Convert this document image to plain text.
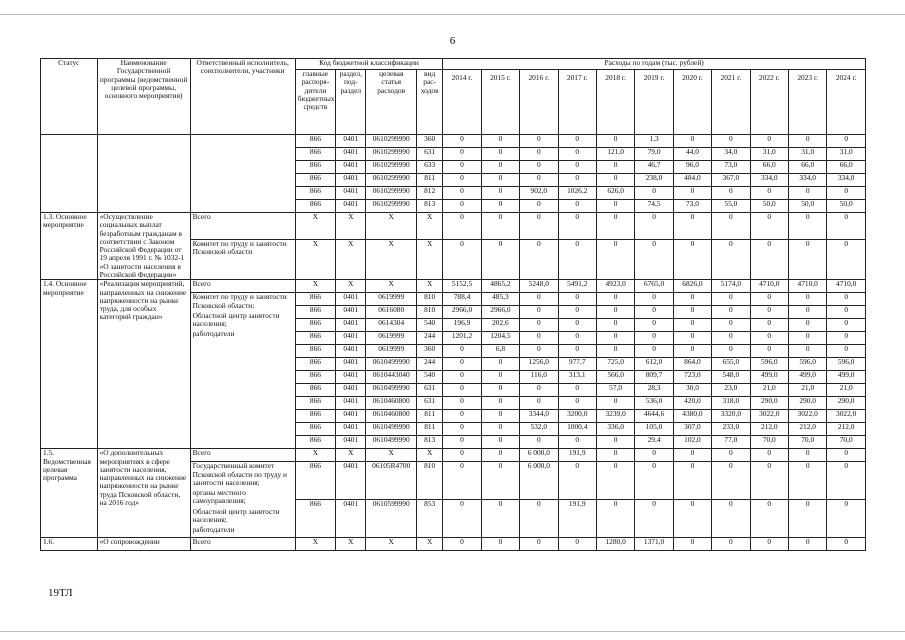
6
Статус	Наименование Государственной программы (ведомственной целевой программы, основного мероприятия)	Ответственный исполнитель, соисполнители, участники	Код бюджетной классификации				Расходы по годам (тыс. рублей)										
			главные распоря-дители бюджетных средств	раздел, под-раздел	целевая статья расходов	вид рас-ходов	2014 г.	2015 г.	2016 г.	2017 г.	2018 г.	2019 г.	2020 г.	2021 г.	2022 г.	2023 г.	2024 г.
			866	0401	0610299990	360	0	0	0	0	0	1,3	0	0	0	0	0
			866	0401	0610299990	631	0	0	0	0	121,0	79,0	44,0	34,0	31,0	31,0	31,0
			866	0401	0610299990	633	0	0	0	0	0	46,7	96,0	73,0	66,0	66,0	66,0
			866	0401	0610299990	811	0	0	0	0	0	238,0	484,0	367,0	334,0	334,0	334,0
			866	0401	0610299990	812	0	0	902,0	1026,2	626,0	0	0	0	0	0	0
			866	0401	0610299990	813	0	0	0	0	0	74,5	73,0	55,0	50,0	50,0	50,0
1.3. Основное мероприятие	«Осуществление социальных выплат безработным гражданам в соответствии с Законом Российской Федерации от 19 апреля 1991 г. № 1032-1 «О занятости населения в Российской Федерации»	Всего	Х	Х	Х	Х	0	0	0	0	0	0	0	0	0	0	0

		Комитет по труду и занятости Псковской области	Х	Х	Х	Х	0	0	0	0	0	0	0	0	0	0	0
1.4. Основное мероприятие	«Реализация мероприятий, направленных на снижение напряженности на рынке труда, для особых категорий граждан»	Всего	Х	Х	Х	Х	5152,5	4865,2	5248,0	5491,2	4923,0	6765,0	6826,0	5174,0	4710,0	4710,0	4710,0

		Комитет по труду и занятости Псковской области;
Областной центр занятости населения;
работодатели	866	0401	0619999	810	788,4	485,3	0	0	0	0	0	0	0	0	0
			866	0401	0616080	810	2966,0	2966,0	0	0	0	0	0	0	0	0	0
			866	0401	0614304	540	196,9	202,6	0	0	0	0	0	0	0	0	0
			866	0401	0619999	244	1201,2	1204,5	0	0	0	0	0	0	0	0	0
			866	0401	0619999	360	0	6,8	0	0	0	0	0	0	0	0	0
			866	0401	0610499990	244	0	0	1256,0	977,7	725,0	612,0	864,0	655,0	596,0	596,0	596,0
			866	0401	0610443040	540	0	0	116,0	313,1	566,0	809,7	723,0	548,0	499,0	499,0	499,0
			866	0401	0610499990	631	0	0	0	0	57,0	28,3	30,0	23,0	21,0	21,0	21,0
			866	0401	0610460800	631	0	0	0	0	0	536,0	420,0	318,0	290,0	290,0	290,0
			866	0401	0610460800	811	0	0	3344,0	3200,0	3239,0	4644,6	4380,0	3320,0	3022,0	3022,0	3022,0
			866	0401	0610499990	811	0	0	532,0	1000,4	336,0	105,0	307,0	233,0	212,0	212,0	212,0
			866	0401	0610499990	813	0	0	0	0	0	29,4	102,0	77,0	70,0	70,0	70,0
1.5. Ведомственная целевая программа	«О дополнительных мероприятиях в сфере занятости населения, направленных на снижение напряженности на рынке труда Псковской области, на 2016 год»	Всего	Х	Х	Х	Х	0	0	6 000,0	191,9	0	0	0	0	0	0	0

		Государственный комитет Псковской области по труду и занятости населения;
органы местного самоуправления;
Областной центр занятости населения;
работодатели	866	0401	06105R4700	810	0	0	6 000,0	0	0	0	0	0	0	0	0
			866	0401	0610599990	853	0	0	0	191,9	0	0	0	0	0	0	0
1.6.	«О сопровождении	Всего	Х	Х	Х	Х	0	0	0	0	1280,0	1371,0	0	0	0	0	0
19ТЛ
